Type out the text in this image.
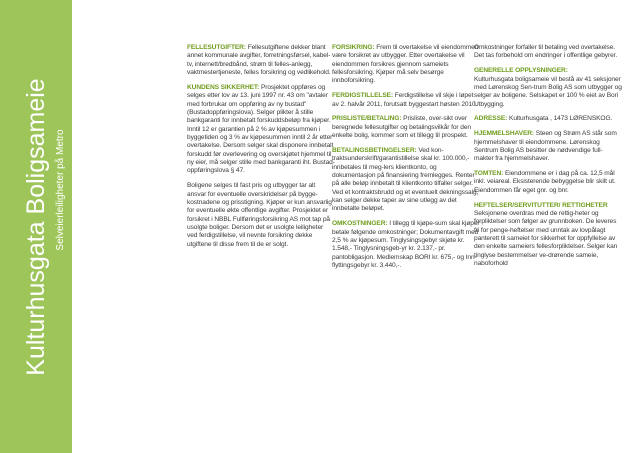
Kulturhusgata Boligsameie Selveierleiligheter på Metro

FELLESUTGIFTER: Fellesutgiftene dekker blant annet kommunale avgifter, forretningsførsel, kabel-tv, internett/bredbånd, strøm til felles-anlegg, vaktmestertjeneste, felles forsikring og vedlikehold.

KUNDENS SIKKERHET: Prosjektet oppføres og selges etter lov av 13. juni 1997 nr. 43 om "avtaler med forbrukar om oppføring av ny bustad" (Bustadoppføringslova). Selger plikter å stille bankgaranti for innbetalt forskuddsbeløp fra kjøper. Inntil 12 er garantien på 2 % av kjøpesummen i byggetiden og 3 % av kjøpesummen inntil 2 år etter overtakelse. Dersom selger skal disponere innbetalt forskudd før overlevering og overskjøtet hjemmel til ny eier, må selger stille med bankgaranti iht. Bustad-oppføringslova § 47.

Boligene selges til fast pris og utbygger tar alt ansvar for eventuelle overskridelser på bygge-kostnadene og prisstigning. Kjøper er kun ansvarlig for eventuelle økte offentlige avgifter. Prosjektet er forsikret i NBBL Fullføringsforsikring AS mot tap på usolgte boliger. Dersom det er usolgte leiligheter ved ferdigstillelse, vil nevnte forsikring dekke utgiftene til disse frem til de er solgt.

FORSIKRING: Frem til overtakelse vil eiendommen være forsikret av utbygger. Etter overtakelse vil eiendommen forsikres gjennom sameiets fellesforsikring. Kjøper må selv besørge innboforsikring.

FERDIGSTILLELSE: Ferdigstillelse vil skje i løpet av 2. halvår 2011, forutsatt byggestart høsten 2010.

PRISLISTE/BETALING: Prisliste, over-sikt over beregnede fellesutgifter og betalingsvilkår for den enkelte bolig, kommer som et tillegg til prospekt.

BETALINGSBETINGELSER: Ved kon-traktsunderskrift/garantistillelse skal kr. 100.000,- innbetales til meg-lers klientkonto, og dokumentasjon på finansiering fremlegges. Renter på alle beløp innbetalt til klientkonto tilfaller selger. Ved et kontraktsbrudd og et eventuelt dekningssalg, kan selger dekke taper av sine utlegg av det innbetalte beløpet.

OMKOSTNINGER: I tillegg til kjøpe-sum skal kjøper betale følgende omkostninger; Dokumentavgift med 2,5 % av kjøpesum. Tinglysingsgebyr skjøte kr. 1.548,- Tinglysningsgeb-yr kr. 2.137,- pr. pantobligasjon. Medlemskap BORI kr. 675,- og Inn-flyttingsgebyr kr. 3.440,-.

Omkostninger forfaller til betaling ved overtakelse. Det tas forbehold om endringer i offentlige gebyrer.

GENERELLE OPPLYSNINGER:
Kulturhusgata boligsameie vil bestå av 41 seksjoner med Lørenskog Sen-trum Bolig AS som utbygger og selger av boligene. Selskapet er 100 % eiet av Bori Utbygging.

ADRESSE: Kulturhusgata , 1473 LØRENSKOG.

HJEMMELSHAVER: Steen og Strøm AS står som hjemmelshaver til eiendommene. Lørenskog Sentrum Bolig AS besitter de nødvendige full-makter fra hjemmelshaver.

TOMTEN: Eiendommene er i dag på ca. 12,5 mål inkl. veiareal. Eksisterende bebyggelse blir skilt ut. Eiendommen får eget gnr. og bnr.

HEFTELSER/SERVITUTTER/ RETTIGHETER
Seksjonene overdras med de rettig-heter og forpliktelser som følger av grunnboken. De leveres fri for penge-heftelser med unntak av lovpålagt panterett til sameiet for sikkerhet for oppfyllelse av den enkelte sameiers fellesforpliktelser. Selger kan tinglyse bestemmelser ve-drørende sameie, naboforhold
